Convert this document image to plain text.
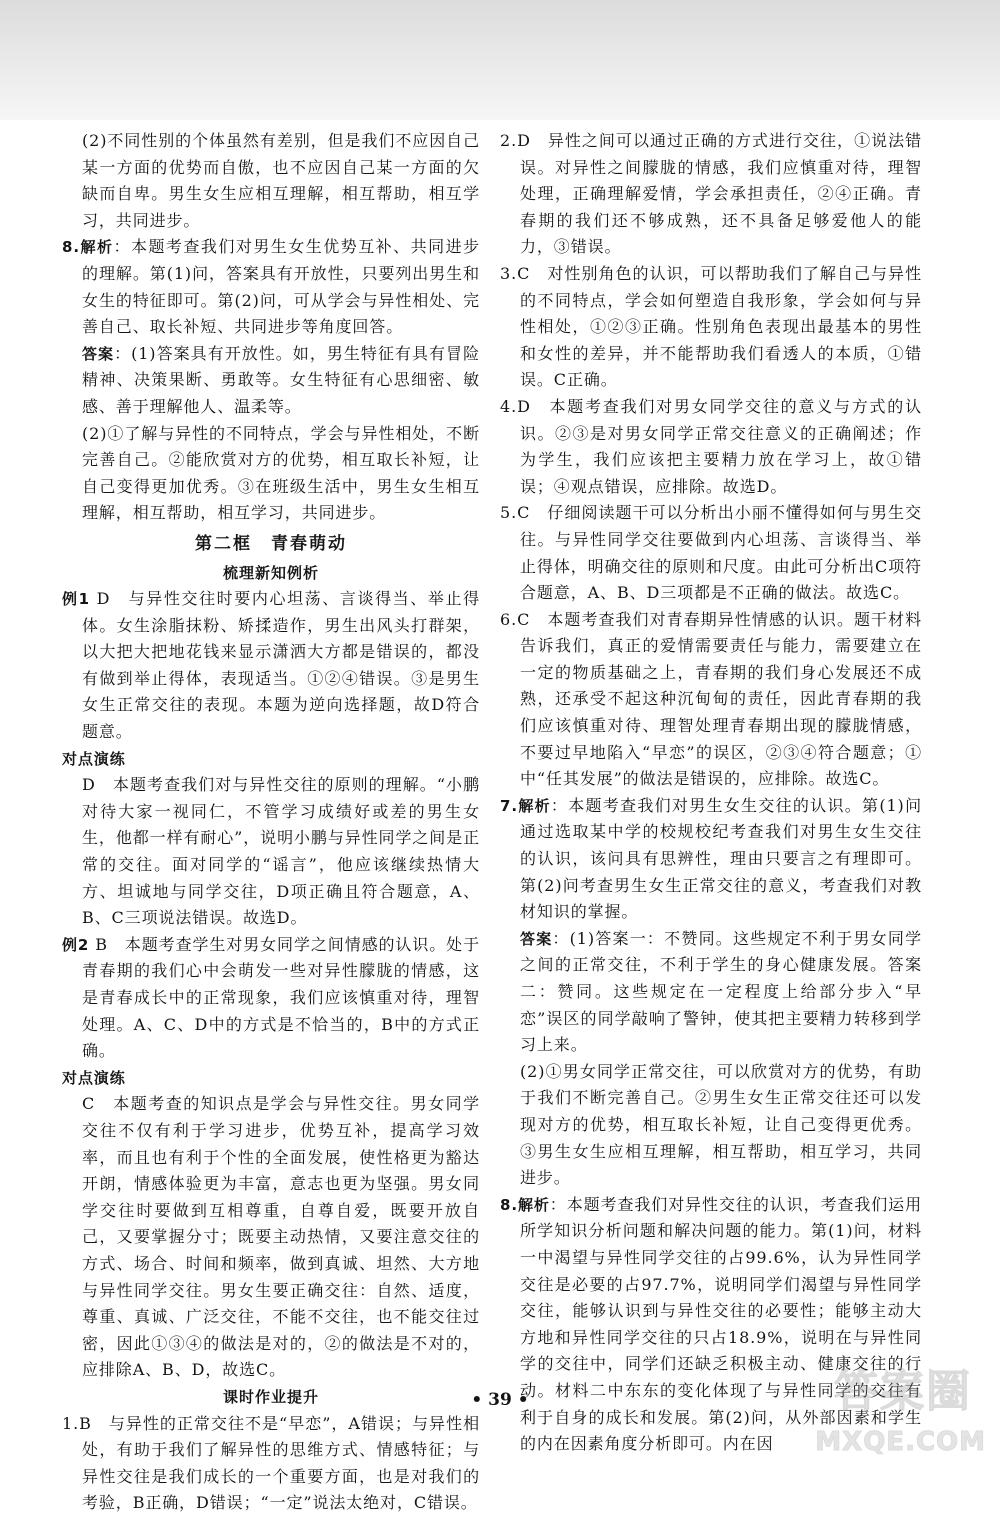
(2)不同性别的个体虽然有差别，但是我们不应因自己某一方面的优势而自傲，也不应因自己某一方面的欠缺而自卑。男生女生应相互理解，相互帮助，相互学习，共同进步。

8.解析：本题考查我们对男生女生优势互补、共同进步的理解。第(1)问，答案具有开放性，只要列出男生和女生的特征即可。第(2)问，可从学会与异性相处、完善自己、取长补短、共同进步等角度回答。

答案：(1)答案具有开放性。如，男生特征有具有冒险精神、决策果断、勇敢等。女生特征有心思细密、敏感、善于理解他人、温柔等。

(2)①了解与异性的不同特点，学会与异性相处，不断完善自己。②能欣赏对方的优势，相互取长补短，让自己变得更加优秀。③在班级生活中，男生女生相互理解，相互帮助，相互学习，共同进步。

第二框　青春萌动

梳理新知例析

例1 D　与异性交往时要内心坦荡、言谈得当、举止得体。女生涂脂抹粉、矫揉造作，男生出风头打群架，以大把大把地花钱来显示潇洒大方都是错误的，都没有做到举止得体，表现适当。①②④错误。③是男生女生正常交往的表现。本题为逆向选择题，故D符合题意。

对点演练

D　本题考查我们对与异性交往的原则的理解。“小鹏对待大家一视同仁，不管学习成绩好或差的男生女生，他都一样有耐心”，说明小鹏与异性同学之间是正常的交往。面对同学的“谣言”，他应该继续热情大方、坦诚地与同学交往，D项正确且符合题意，A、B、C三项说法错误。故选D。

例2 B　本题考查学生对男女同学之间情感的认识。处于青春期的我们心中会萌发一些对异性朦胧的情感，这是青春成长中的正常现象，我们应该慎重对待，理智处理。A、C、D中的方式是不恰当的，B中的方式正确。

对点演练

C　本题考查的知识点是学会与异性交往。男女同学交往不仅有利于学习进步，优势互补，提高学习效率，而且也有利于个性的全面发展，使性格更为豁达开朗，情感体验更为丰富，意志也更为坚强。男女同学交往时要做到互相尊重，自尊自爱，既要开放自己，又要掌握分寸；既要主动热情，又要注意交往的方式、场合、时间和频率，做到真诚、坦然、大方地与异性同学交往。男女生要正确交往：自然、适度，尊重、真诚、广泛交往，不能不交往，也不能交往过密，因此①③④的做法是对的，②的做法是不对的，应排除A、B、D，故选C。

课时作业提升

1.B　与异性的正常交往不是“早恋”，A错误；与异性相处，有助于我们了解异性的思维方式、情感特征；与异性交往是我们成长的一个重要方面，也是对我们的考验，B正确，D错误；“一定”说法太绝对，C错误。

2.D　异性之间可以通过正确的方式进行交往，①说法错误。对异性之间朦胧的情感，我们应慎重对待，理智处理，正确理解爱情，学会承担责任，②④正确。青春期的我们还不够成熟，还不具备足够爱他人的能力，③错误。

3.C　对性别角色的认识，可以帮助我们了解自己与异性的不同特点，学会如何塑造自我形象，学会如何与异性相处，①②③正确。性别角色表现出最基本的男性和女性的差异，并不能帮助我们看透人的本质，①错误。C正确。

4.D　本题考查我们对男女同学交往的意义与方式的认识。②③是对男女同学正常交往意义的正确阐述；作为学生，我们应该把主要精力放在学习上，故①错误；④观点错误，应排除。故选D。

5.C　仔细阅读题干可以分析出小丽不懂得如何与男生交往。与异性同学交往要做到内心坦荡、言谈得当、举止得体，明确交往的原则和尺度。由此可分析出C项符合题意，A、B、D三项都是不正确的做法。故选C。

6.C　本题考查我们对青春期异性情感的认识。题干材料告诉我们，真正的爱情需要责任与能力，需要建立在一定的物质基础之上，青春期的我们身心发展还不成熟，还承受不起这种沉甸甸的责任，因此青春期的我们应该慎重对待、理智处理青春期出现的朦胧情感，不要过早地陷入“早恋”的误区，②③④符合题意；①中“任其发展”的做法是错误的，应排除。故选C。

7.解析：本题考查我们对男生女生交往的认识。第(1)问通过选取某中学的校规校纪考查我们对男生女生交往的认识，该问具有思辨性，理由只要言之有理即可。第(2)问考查男生女生正常交往的意义，考查我们对教材知识的掌握。

答案：(1)答案一：不赞同。这些规定不利于男女同学之间的正常交往，不利于学生的身心健康发展。答案二：赞同。这些规定在一定程度上给部分步入“早恋”误区的同学敲响了警钟，使其把主要精力转移到学习上来。

(2)①男女同学正常交往，可以欣赏对方的优势，有助于我们不断完善自己。②男生女生正常交往还可以发现对方的优势，相互取长补短，让自己变得更优秀。③男生女生应相互理解，相互帮助，相互学习，共同进步。

8.解析：本题考查我们对异性交往的认识，考查我们运用所学知识分析问题和解决问题的能力。第(1)问，材料一中渴望与异性同学交往的占99.6%，认为异性同学交往是必要的占97.7%，说明同学们渴望与异性同学交往，能够认识到与异性交往的必要性；能够主动大方地和异性同学交往的只占18.9%，说明在与异性同学的交往中，同学们还缺乏积极主动、健康交往的行动。材料二中东东的变化体现了与异性同学的交往有利于自身的成长和发展。第(2)问，从外部因素和学生的内在因素角度分析即可。内在因

• 39 •	答案圈
MXQE.COM
